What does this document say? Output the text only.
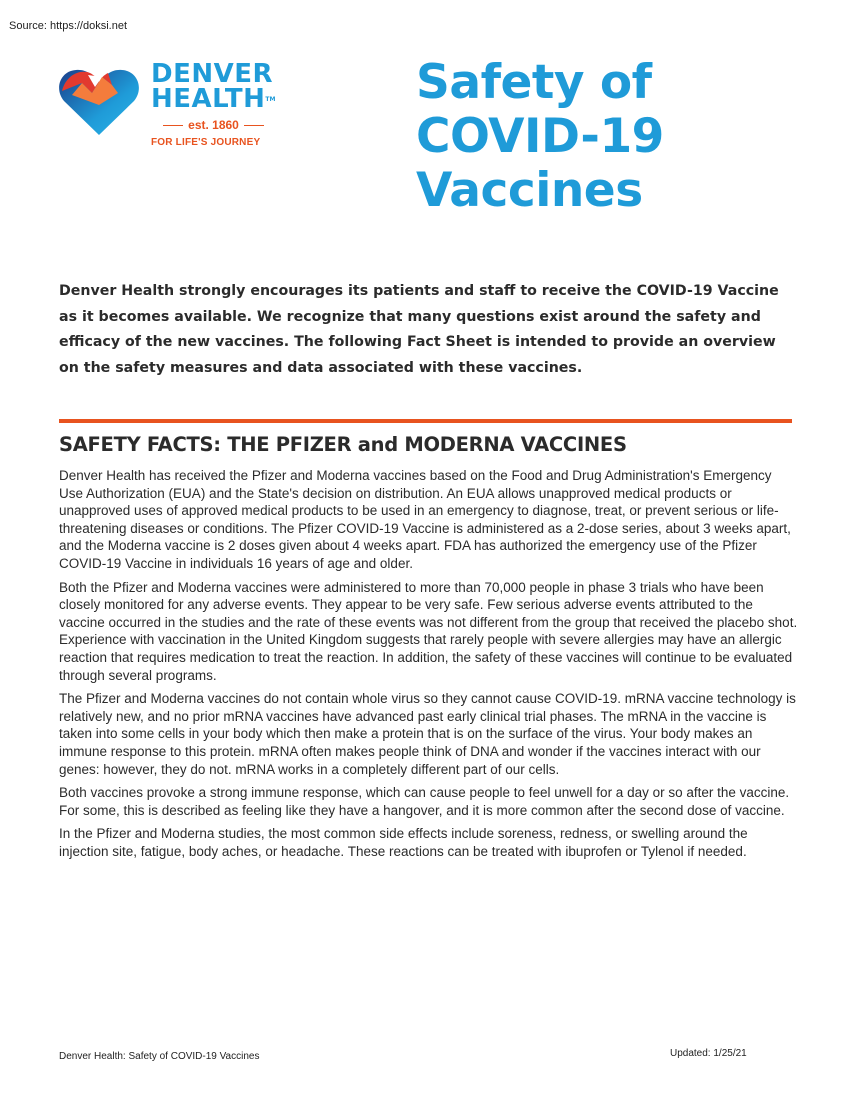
Source: https://doksi.net
DENVER
HEALTH™
est. 1860
FOR LIFE'S JOURNEY
Safety of COVID-19 Vaccines

Denver Health strongly encourages its patients and staff to receive the COVID-19 Vaccine as it becomes available. We recognize that many questions exist around the safety and efficacy of the new vaccines. The following Fact Sheet is intended to provide an overview on the safety measures and data associated with these vaccines.

SAFETY FACTS: THE PFIZER and MODERNA VACCINES

Denver Health has received the Pfizer and Moderna vaccines based on the Food and Drug Administration's Emergency Use Authorization (EUA) and the State's decision on distribution. An EUA allows unapproved medical products or unapproved uses of approved medical products to be used in an emergency to diagnose, treat, or prevent serious or life-threatening diseases or conditions. The Pfizer COVID-19 Vaccine is administered as a 2-dose series, about 3 weeks apart, and the Moderna vaccine is 2 doses given about 4 weeks apart. FDA has authorized the emergency use of the Pfizer COVID-19 Vaccine in individuals 16 years of age and older.

Both the Pfizer and Moderna vaccines were administered to more than 70,000 people in phase 3 trials who have been closely monitored for any adverse events. They appear to be very safe. Few serious adverse events attributed to the vaccine occurred in the studies and the rate of these events was not different from the group that received the placebo shot. Experience with vaccination in the United Kingdom suggests that rarely people with severe allergies may have an allergic reaction that requires medication to treat the reaction. In addition, the safety of these vaccines will continue to be evaluated through several programs.

The Pfizer and Moderna vaccines do not contain whole virus so they cannot cause COVID-19. mRNA vaccine technology is relatively new, and no prior mRNA vaccines have advanced past early clinical trial phases. The mRNA in the vaccine is taken into some cells in your body which then make a protein that is on the surface of the virus. Your body makes an immune response to this protein. mRNA often makes people think of DNA and wonder if the vaccines interact with our genes: however, they do not. mRNA works in a completely different part of our cells.

Both vaccines provoke a strong immune response, which can cause people to feel unwell for a day or so after the vaccine. For some, this is described as feeling like they have a hangover, and it is more common after the second dose of vaccine.

In the Pfizer and Moderna studies, the most common side effects include soreness, redness, or swelling around the injection site, fatigue, body aches, or headache. These reactions can be treated with ibuprofen or Tylenol if needed.

Denver Health: Safety of COVID-19 Vaccines	Updated: 1/25/21
